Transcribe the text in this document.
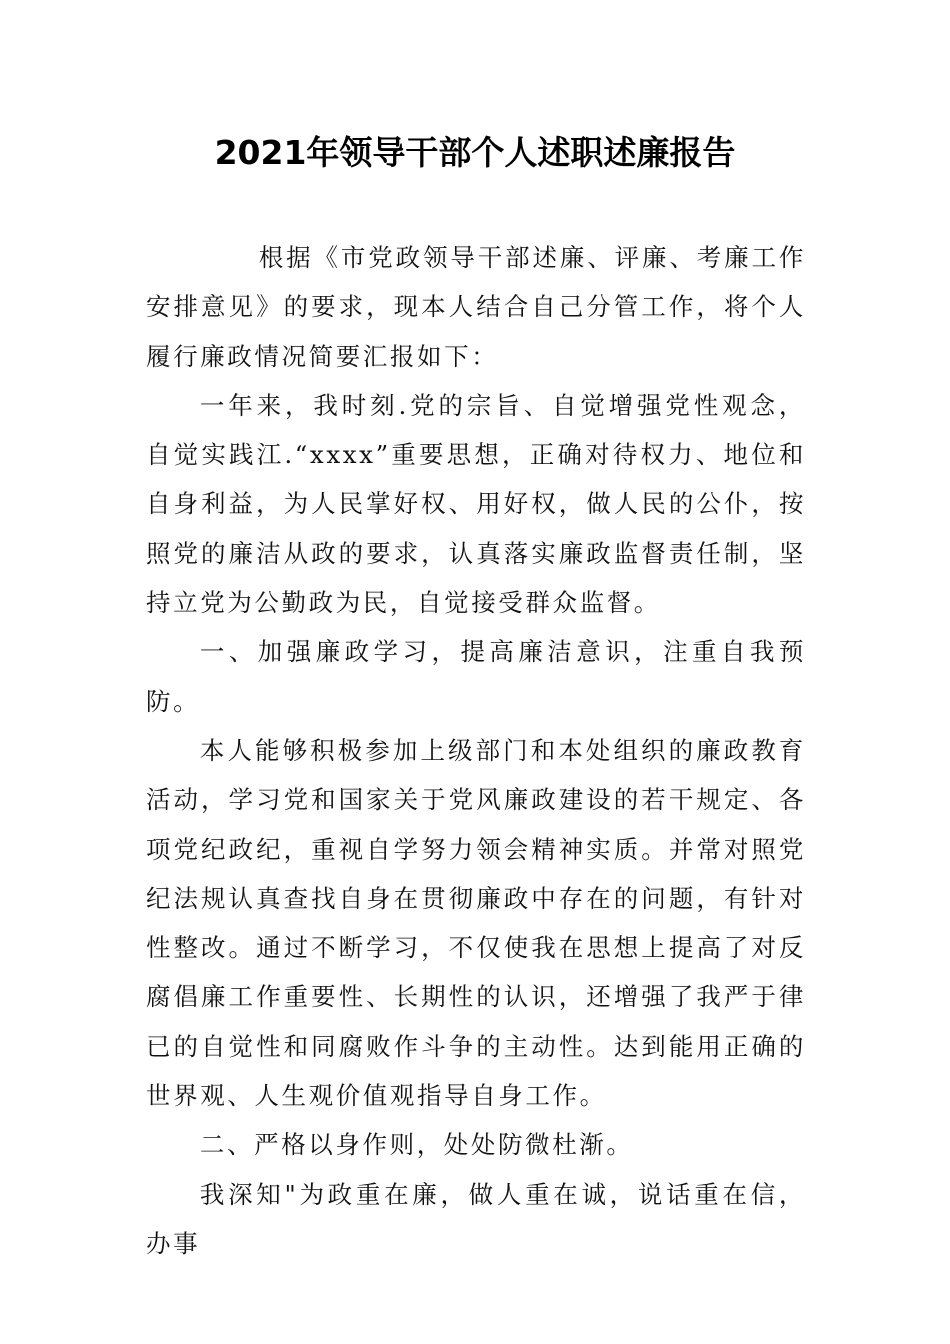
2021年领导干部个人述职述廉报告

根据《市党政领导干部述廉、评廉、考廉工作安排意见》的要求，现本人结合自己分管工作，将个人履行廉政情况简要汇报如下：

一年来，我时刻.党的宗旨、自觉增强党性观念，自觉实践江.“xxxx”重要思想，正确对待权力、地位和自身利益，为人民掌好权、用好权，做人民的公仆，按照党的廉洁从政的要求，认真落实廉政监督责任制，坚持立党为公勤政为民，自觉接受群众监督。

一、加强廉政学习，提高廉洁意识，注重自我预防。

本人能够积极参加上级部门和本处组织的廉政教育活动，学习党和国家关于党风廉政建设的若干规定、各项党纪政纪，重视自学努力领会精神实质。并常对照党纪法规认真查找自身在贯彻廉政中存在的问题，有针对性整改。通过不断学习，不仅使我在思想上提高了对反腐倡廉工作重要性、长期性的认识，还增强了我严于律已的自觉性和同腐败作斗争的主动性。达到能用正确的世界观、人生观价值观指导自身工作。

二、严格以身作则，处处防微杜渐。

我深知"为政重在廉，做人重在诚，说话重在信，办事
